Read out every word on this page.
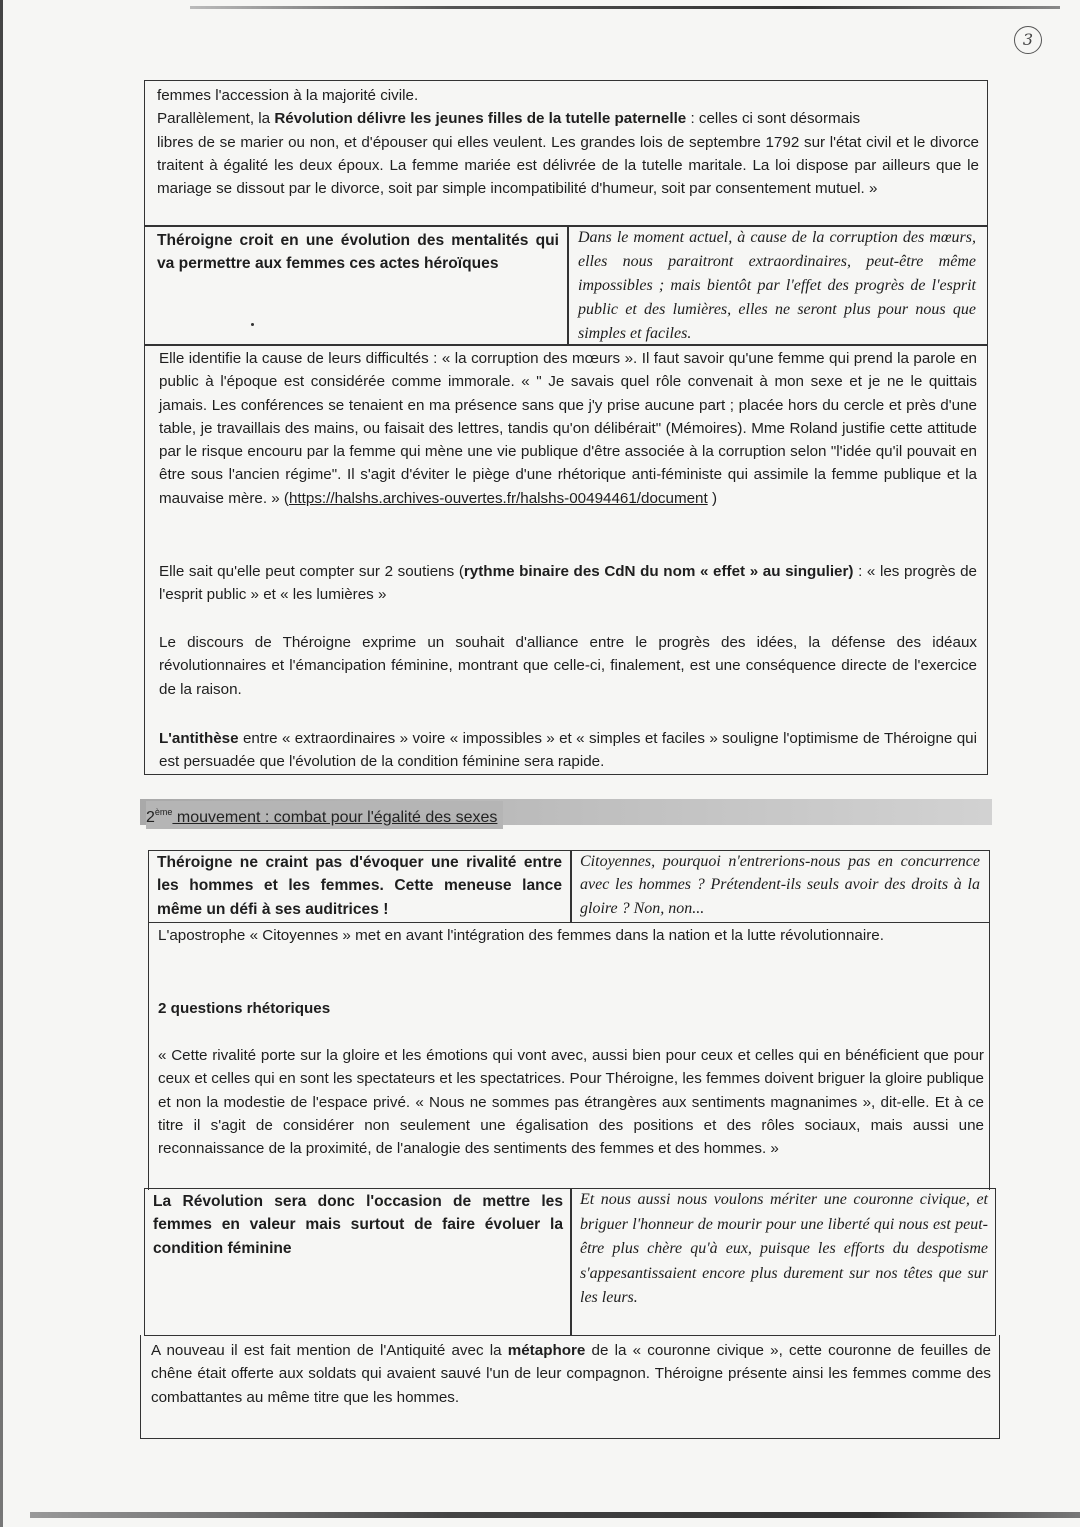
3

femmes l'accession à la majorité civile.

Parallèlement, la Révolution délivre les jeunes filles de la tutelle paternelle : celles ci sont désormais

libres de se marier ou non, et d'épouser qui elles veulent. Les grandes lois de septembre 1792 sur l'état civil et le divorce traitent à égalité les deux époux. La femme mariée est délivrée de la tutelle maritale. La loi dispose par ailleurs que le mariage se dissout par le divorce, soit par simple incompatibilité d'humeur, soit par consentement mutuel. »

Théroigne croit en une évolution des mentalités qui va permettre aux femmes ces actes héroïques
Dans le moment actuel, à cause de la corruption des mœurs, elles nous paraitront extraordinaires, peut-être même impossibles ; mais bientôt par l'effet des progrès de l'esprit public et des lumières, elles ne seront plus pour nous que simples et faciles.
Elle identifie la cause de leurs difficultés : « la corruption des mœurs ». Il faut savoir qu'une femme qui prend la parole en public à l'époque est considérée comme immorale. « " Je savais quel rôle convenait à mon sexe et je ne le quittais jamais. Les conférences se tenaient en ma présence sans que j'y prise aucune part ; placée hors du cercle et près d'une table, je travaillais des mains, ou faisait des lettres, tandis qu'on délibérait" (Mémoires). Mme Roland justifie cette attitude par le risque encouru par la femme qui mène une vie publique d'être associée à la corruption selon "l'idée qu'il pouvait en être sous l'ancien régime". Il s'agit d'éviter le piège d'une rhétorique anti-féministe qui assimile la femme publique et la mauvaise mère. » (https://halshs.archives-ouvertes.fr/halshs-00494461/document )
Elle sait qu'elle peut compter sur 2 soutiens (rythme binaire des CdN du nom « effet » au singulier) : « les progrès de l'esprit public » et « les lumières »
Le discours de Théroigne exprime un souhait d'alliance entre le progrès des idées, la défense des idéaux révolutionnaires et l'émancipation féminine, montrant que celle-ci, finalement, est une conséquence directe de l'exercice de la raison.
L'antithèse entre « extraordinaires » voire « impossibles » et « simples et faciles » souligne l'optimisme de Théroigne qui est persuadée que l'évolution de la condition féminine sera rapide.
2ème mouvement : combat pour l'égalité des sexes
Théroigne ne craint pas d'évoquer une rivalité entre les hommes et les femmes. Cette meneuse lance même un défi à ses auditrices !
Citoyennes, pourquoi n'entrerions-nous pas en concurrence avec les hommes ? Prétendent-ils seuls avoir des droits à la gloire ? Non, non...
L'apostrophe « Citoyennes » met en avant l'intégration des femmes dans la nation et la lutte révolutionnaire.
2 questions rhétoriques
« Cette rivalité porte sur la gloire et les émotions qui vont avec, aussi bien pour ceux et celles qui en bénéficient que pour ceux et celles qui en sont les spectateurs et les spectatrices. Pour Théroigne, les femmes doivent briguer la gloire publique et non la modestie de l'espace privé. « Nous ne sommes pas étrangères aux sentiments magnanimes », dit-elle. Et à ce titre il s'agit de considérer non seulement une égalisation des positions et des rôles sociaux, mais aussi une reconnaissance de la proximité, de l'analogie des sentiments des femmes et des hommes. »
La Révolution sera donc l'occasion de mettre les femmes en valeur mais surtout de faire évoluer la condition féminine
Et nous aussi nous voulons mériter une couronne civique, et briguer l'honneur de mourir pour une liberté qui nous est peut-être plus chère qu'à eux, puisque les efforts du despotisme s'appesantissaient encore plus durement sur nos têtes que sur les leurs.
A nouveau il est fait mention de l'Antiquité avec la métaphore de la « couronne civique », cette couronne de feuilles de chêne était offerte aux soldats qui avaient sauvé l'un de leur compagnon. Théroigne présente ainsi les femmes comme des combattantes au même titre que les hommes.
